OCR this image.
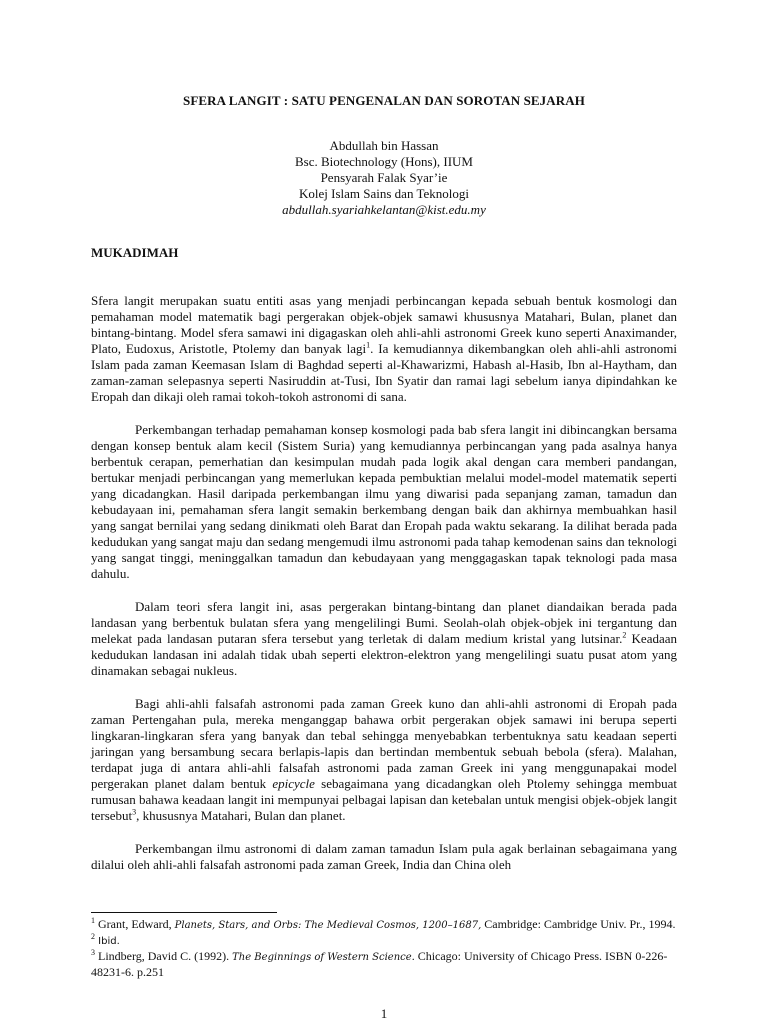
SFERA LANGIT : SATU PENGENALAN DAN SOROTAN SEJARAH
Abdullah bin Hassan
Bsc. Biotechnology (Hons), IIUM
Pensyarah Falak Syar’ie
Kolej Islam Sains dan Teknologi
abdullah.syariahkelantan@kist.edu.my
MUKADIMAH

Sfera langit merupakan suatu entiti asas yang menjadi perbincangan kepada sebuah bentuk kosmologi dan pemahaman model matematik bagi pergerakan objek-objek samawi khususnya Matahari, Bulan, planet dan bintang-bintang. Model sfera samawi ini digagaskan oleh ahli-ahli astronomi Greek kuno seperti Anaximander, Plato, Eudoxus, Aristotle, Ptolemy dan banyak lagi$^1$. Ia kemudiannya dikembangkan oleh ahli-ahli astronomi Islam pada zaman Keemasan Islam di Baghdad seperti al-Khawarizmi, Habash al-Hasib, Ibn al-Haytham, dan zaman-zaman selepasnya seperti Nasiruddin at-Tusi, Ibn Syatir dan ramai lagi sebelum ianya dipindahkan ke Eropah dan dikaji oleh ramai tokoh-tokoh astronomi di sana.

Perkembangan terhadap pemahaman konsep kosmologi pada bab sfera langit ini dibincangkan bersama dengan konsep bentuk alam kecil (Sistem Suria) yang kemudiannya perbincangan yang pada asalnya hanya berbentuk cerapan, pemerhatian dan kesimpulan mudah pada logik akal dengan cara memberi pandangan, bertukar menjadi perbincangan yang memerlukan kepada pembuktian melalui model-model matematik seperti yang dicadangkan. Hasil daripada perkembangan ilmu yang diwarisi pada sepanjang zaman, tamadun dan kebudayaan ini, pemahaman sfera langit semakin berkembang dengan baik dan akhirnya membuahkan hasil yang sangat bernilai yang sedang dinikmati oleh Barat dan Eropah pada waktu sekarang. Ia dilihat berada pada kedudukan yang sangat maju dan sedang mengemudi ilmu astronomi pada tahap kemodenan sains dan teknologi yang sangat tinggi, meninggalkan tamadun dan kebudayaan yang menggagaskan tapak teknologi pada masa dahulu.

Dalam teori sfera langit ini, asas pergerakan bintang-bintang dan planet diandaikan berada pada landasan yang berbentuk bulatan sfera yang mengelilingi Bumi. Seolah-olah objek-objek ini tergantung dan melekat pada landasan putaran sfera tersebut yang terletak di dalam medium kristal yang lutsinar.$^2$ Keadaan kedudukan landasan ini adalah tidak ubah seperti elektron-elektron yang mengelilingi suatu pusat atom yang dinamakan sebagai nukleus.

Bagi ahli-ahli falsafah astronomi pada zaman Greek kuno dan ahli-ahli astronomi di Eropah pada zaman Pertengahan pula, mereka menganggap bahawa orbit pergerakan objek samawi ini berupa seperti lingkaran-lingkaran sfera yang banyak dan tebal sehingga menyebabkan terbentuknya satu keadaan seperti jaringan yang bersambung secara berlapis-lapis dan bertindan membentuk sebuah bebola (sfera). Malahan, terdapat juga di antara ahli-ahli falsafah astronomi pada zaman Greek ini yang menggunapakai model pergerakan planet dalam bentuk epicycle sebagaimana yang dicadangkan oleh Ptolemy sehingga membuat rumusan bahawa keadaan langit ini mempunyai pelbagai lapisan dan ketebalan untuk mengisi objek-objek langit tersebut$^3$, khususnya Matahari, Bulan dan planet.

Perkembangan ilmu astronomi di dalam zaman tamadun Islam pula agak berlainan sebagaimana yang dilalui oleh ahli-ahli falsafah astronomi pada zaman Greek, India dan China oleh

$^1$ Grant, Edward, Planets, Stars, and Orbs: The Medieval Cosmos, 1200–1687, Cambridge: Cambridge Univ. Pr., 1994.

$^2$ Ibid.

$^3$ Lindberg, David C. (1992). The Beginnings of Western Science. Chicago: University of Chicago Press. ISBN 0-226-48231-6. p.251

1
